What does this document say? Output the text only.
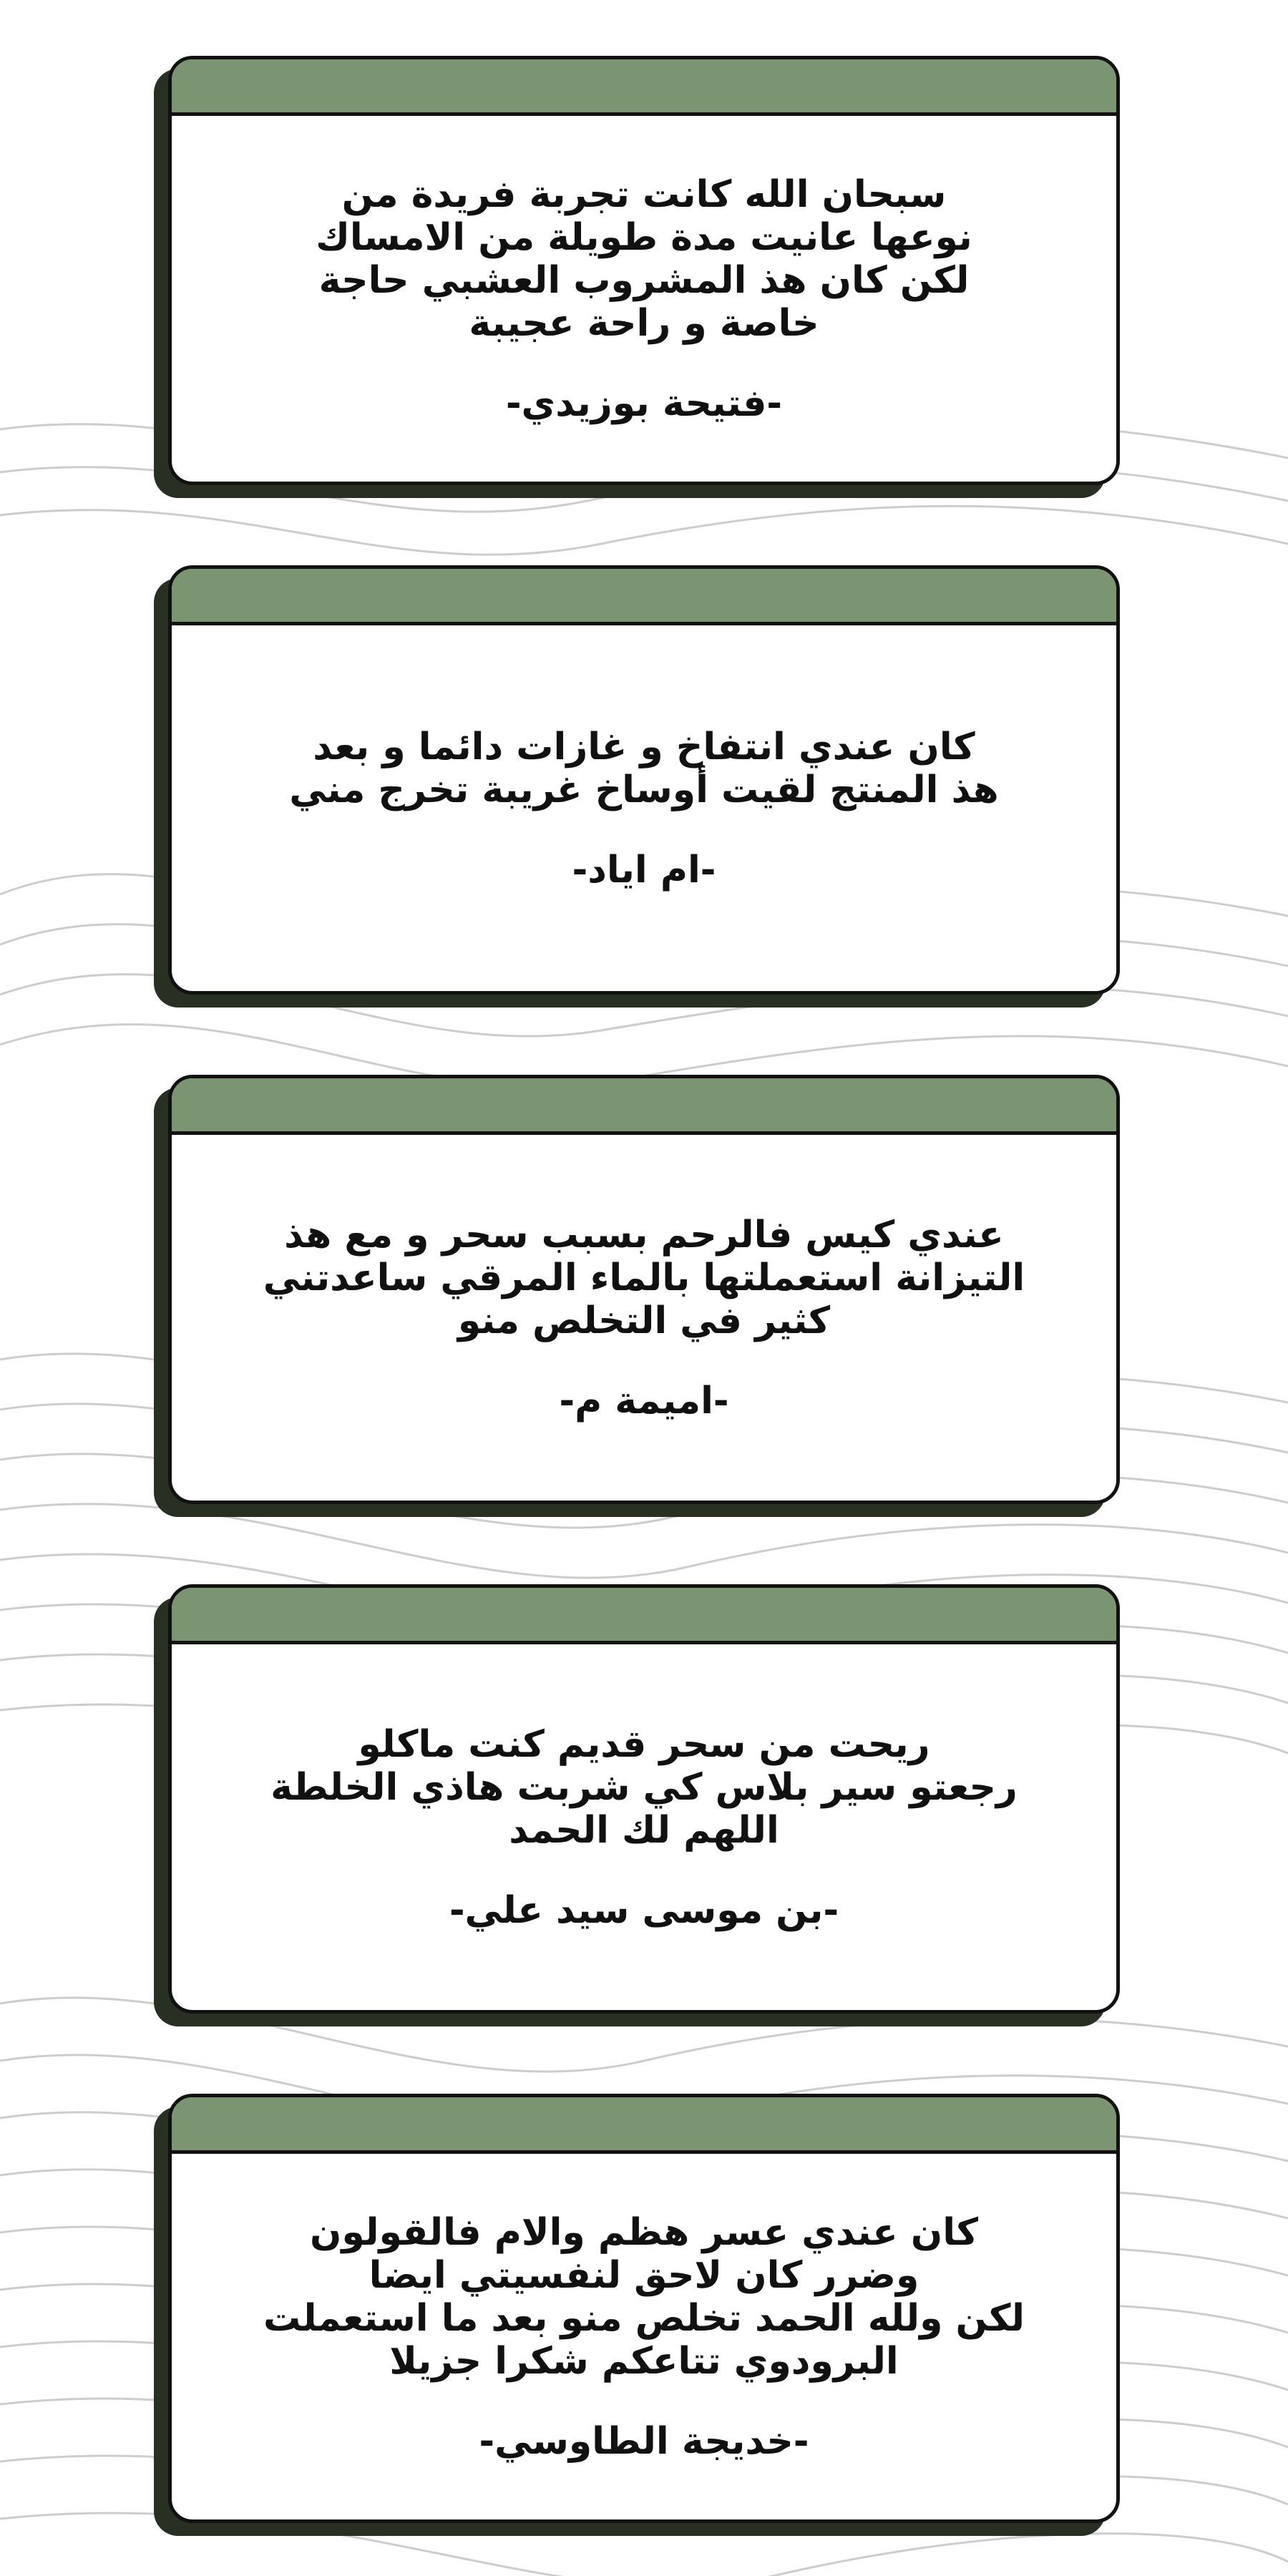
سبحان الله كانت تجربة فريدة من
نوعها عانيت مدة طويلة من الامساك
لكن كان هذ المشروب العشبي حاجة
خاصة و راحة عجيبة

-فتيحة بوزيدي-

كان عندي انتفاخ و غازات دائما و بعد
هذ المنتج لقيت أوساخ غريبة تخرج مني

-ام اياد-

عندي كيس فالرحم بسبب سحر و مع هذ
التيزانة استعملتها بالماء المرقي ساعدتني
كثير في التخلص منو

-اميمة م-

ريحت من سحر قديم كنت ماكلو
رجعتو سير بلاس كي شربت هاذي الخلطة
اللهم لك الحمد

-بن موسى سيد علي-

كان عندي عسر هظم والام فالقولون
وضرر كان لاحق لنفسيتي ايضا
لكن ولله الحمد تخلص منو بعد ما استعملت
البرودوي تتاعكم شكرا جزيلا

-خديجة الطاوسي-
